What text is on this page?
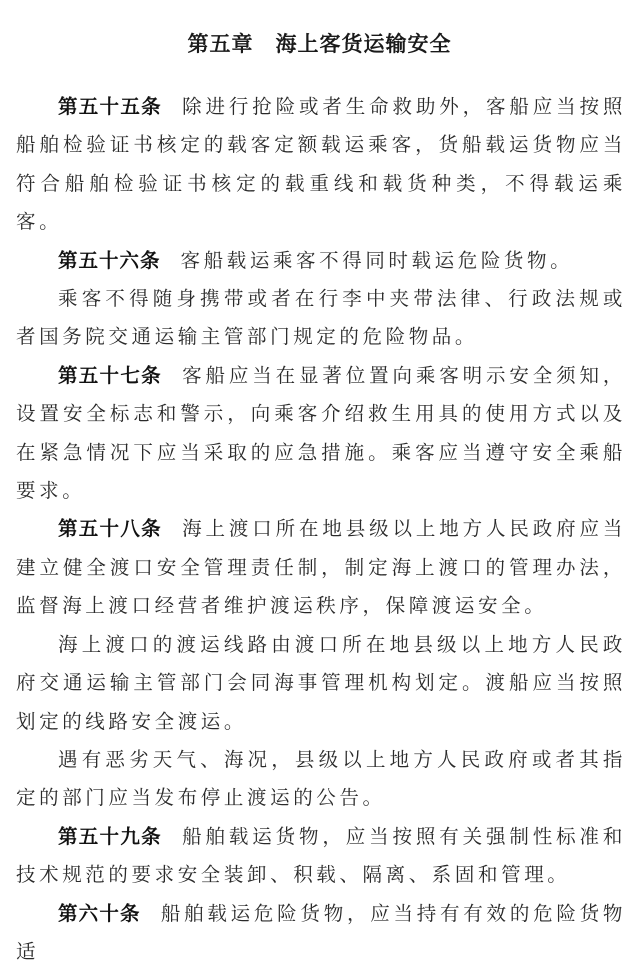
第五章 海上客货运输安全

第五十五条 除进行抢险或者生命救助外，客船应当按照船舶检验证书核定的载客定额载运乘客，货船载运货物应当符合船舶检验证书核定的载重线和载货种类，不得载运乘客。

第五十六条 客船载运乘客不得同时载运危险货物。

乘客不得随身携带或者在行李中夹带法律、行政法规或者国务院交通运输主管部门规定的危险物品。

第五十七条 客船应当在显著位置向乘客明示安全须知，设置安全标志和警示，向乘客介绍救生用具的使用方式以及在紧急情况下应当采取的应急措施。乘客应当遵守安全乘船要求。

第五十八条 海上渡口所在地县级以上地方人民政府应当建立健全渡口安全管理责任制，制定海上渡口的管理办法，监督海上渡口经营者维护渡运秩序，保障渡运安全。

海上渡口的渡运线路由渡口所在地县级以上地方人民政府交通运输主管部门会同海事管理机构划定。渡船应当按照划定的线路安全渡运。

遇有恶劣天气、海况，县级以上地方人民政府或者其指定的部门应当发布停止渡运的公告。

第五十九条 船舶载运货物，应当按照有关强制性标准和技术规范的要求安全装卸、积载、隔离、系固和管理。

第六十条 船舶载运危险货物，应当持有有效的危险货物适
